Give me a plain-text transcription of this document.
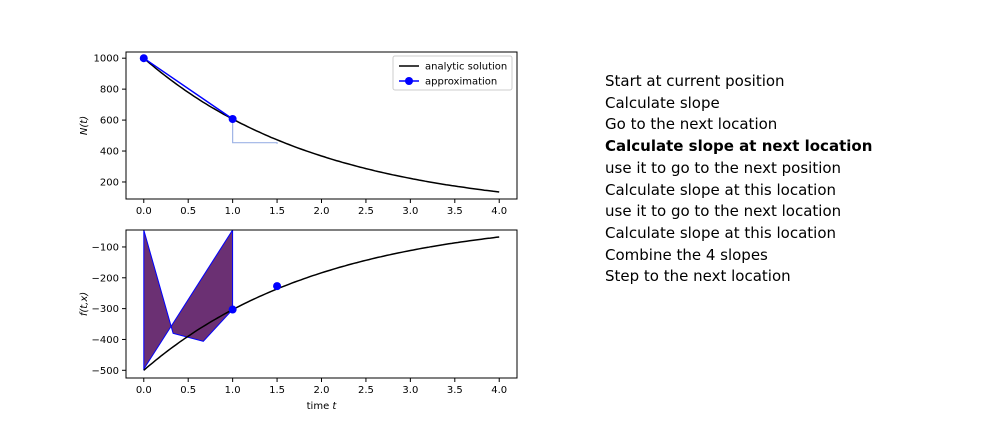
0.0	0.5	1.0	1.5	2.0	2.5	3.0	3.5	4.0
200
400
600
800
1000
N(t)
analytic solution
approximation
0.0	0.5	1.0	1.5	2.0	2.5	3.0	3.5	4.0
−100
−200
−300
−400
−500
f(t,x)
time t
Start at current position
Calculate slope
Go to the next location
Calculate slope at next location
use it to go to the next position
Calculate slope at this location
use it to go to the next location
Calculate slope at this location
Combine the 4 slopes
Step to the next location
